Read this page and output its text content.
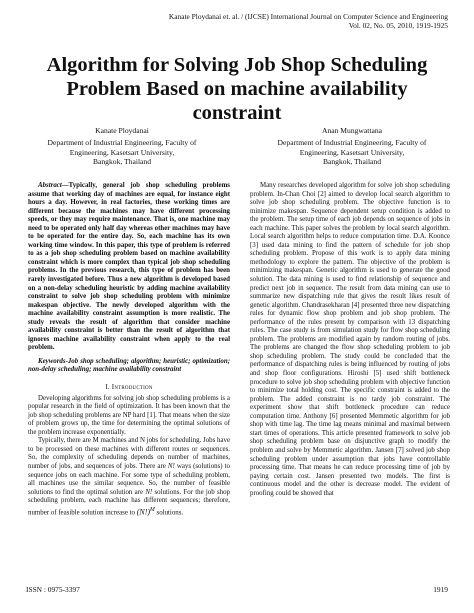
Kanate Ploydanai et. al. / (IJCSE) International Journal on Computer Science and Engineering
Vol. 02, No. 05, 2010, 1919-1925
Algorithm for Solving Job Shop Scheduling
Problem Based on machine availability constraint
Kanate Ploydanai
Department of Industrial Engineering, Faculty of
Engineering, Kasetsart University,
Bangkok, Thailand
Anan Mungwattana
Department of Industrial Engineering, Faculty of
Engineering, Kasetsart University,
Bangkok, Thailand

Abstract—Typically, general job shop scheduling problems assume that working day of machines are equal, for instance eight hours a day. However, in real factories, these working times are different because the machines may have different processing speeds, or they may require maintenance. That is, one machine may need to be operated only half day whereas other machines may have to be operated for the entire day. So, each machine has its own working time window. In this paper, this type of problem is referred to as a job shop scheduling problem based on machine availability constraint which is more complex than typical job shop scheduling problems. In the previous research, this type of problem has been rarely investigated before. Thus a new algorithm is developed based on a non-delay scheduling heuristic by adding machine availability constraint to solve job shop scheduling problem with minimize makespan objective. The newly developed algorithm with the machine availability constraint assumption is more realistic. The study reveals the result of algorithm that consider machine availability constraint is better than the result of algorithm that ignores machine availability constraint when apply to the real problem.

Keywords-Job shop scheduling; algorithm; heuristic; optimization; non-delay scheduling; machine availability constraint

I. Introduction

Developing algorithms for solving job shop scheduling problems is a popular research in the field of optimization. It has been known that the job shop scheduling problems are NP hard [1]. That means when the size of problem grows up, the time for determining the optimal solutions of the problem increase exponentially.

Typically, there are M machines and N jobs for scheduling. Jobs have to be processed on these machines with different routes or sequences. So, the complexity of scheduling depends on number of machines, number of jobs, and sequences of jobs. There are N! ways (solutions) to sequence jobs on each machine. For some type of scheduling problem, all machines use the similar sequence. So, the number of feasible solutions to find the optimal solution are N! solutions. For the job shop scheduling problem, each machine has different sequences; therefore, number of feasible solution increase to $(N!)^M$ solutions.

Many researches developed algorithm for solve job shop scheduling problem. In-Chan Choi [2] aimed to develop local search algorithm to solve job shop scheduling problem. The objective function is to minimize makespan. Sequence dependent setup condition is added to the problem. The setup time of each job depends on sequence of jobs in each machine. This paper solves the problem by local search algorithm. Local search algorithm helps to reduce computation time. D.A. Koonce [3] used data mining to find the pattern of schedule for job shop scheduling problem. Propose of this work is to apply data mining methodology to explore the pattern. The objective of the problem is minimizing makespan. Genetic algorithm is used to generate the good solution. The data mining is used to find relationship of sequence and predict next job in sequence. The result from data mining can use to summarize new dispatching rule that gives the result likes result of genetic algorithm. Chandrasekharan [4] presented three new dispatching rules for dynamic flow shop problem and job shop problem. The performance of the rules present by comparison with 13 dispatching rules. The case study is from simulation study for flow shop scheduling problem. The problems are modified again by random routing of jobs. The problems are changed the flow shop scheduling problem to job shop scheduling problem. The study could be concluded that the performance of dispatching rules is being influenced by routing of jobs and shop floor configurations. Hiroshi [5] used shift bottleneck procedure to solve job shop scheduling problem with objective function to minimize total holding cost. The specific constraint is added to the problem. The added constraint is no tardy job constraint. The experiment show that shift bottleneck procedure can reduce computation time. Anthony [6] presented Memmetic algorithm for job shop with time lag. The time lag means minimal and maximal between start times of operations. This article presented framework to solve job shop scheduling problem base on disjunctive graph to modify the problem and solve by Memmetic algorithm. Jansen [7] solved job shop scheduling problem under assumption that jobs have controllable processing time. That means he can reduce processing time of job by paying certain cost. Jansen presented two models. The first is continuous model and the other is decrease model. The evident of proofing could be showed that

ISSN : 0975-3397	1919
